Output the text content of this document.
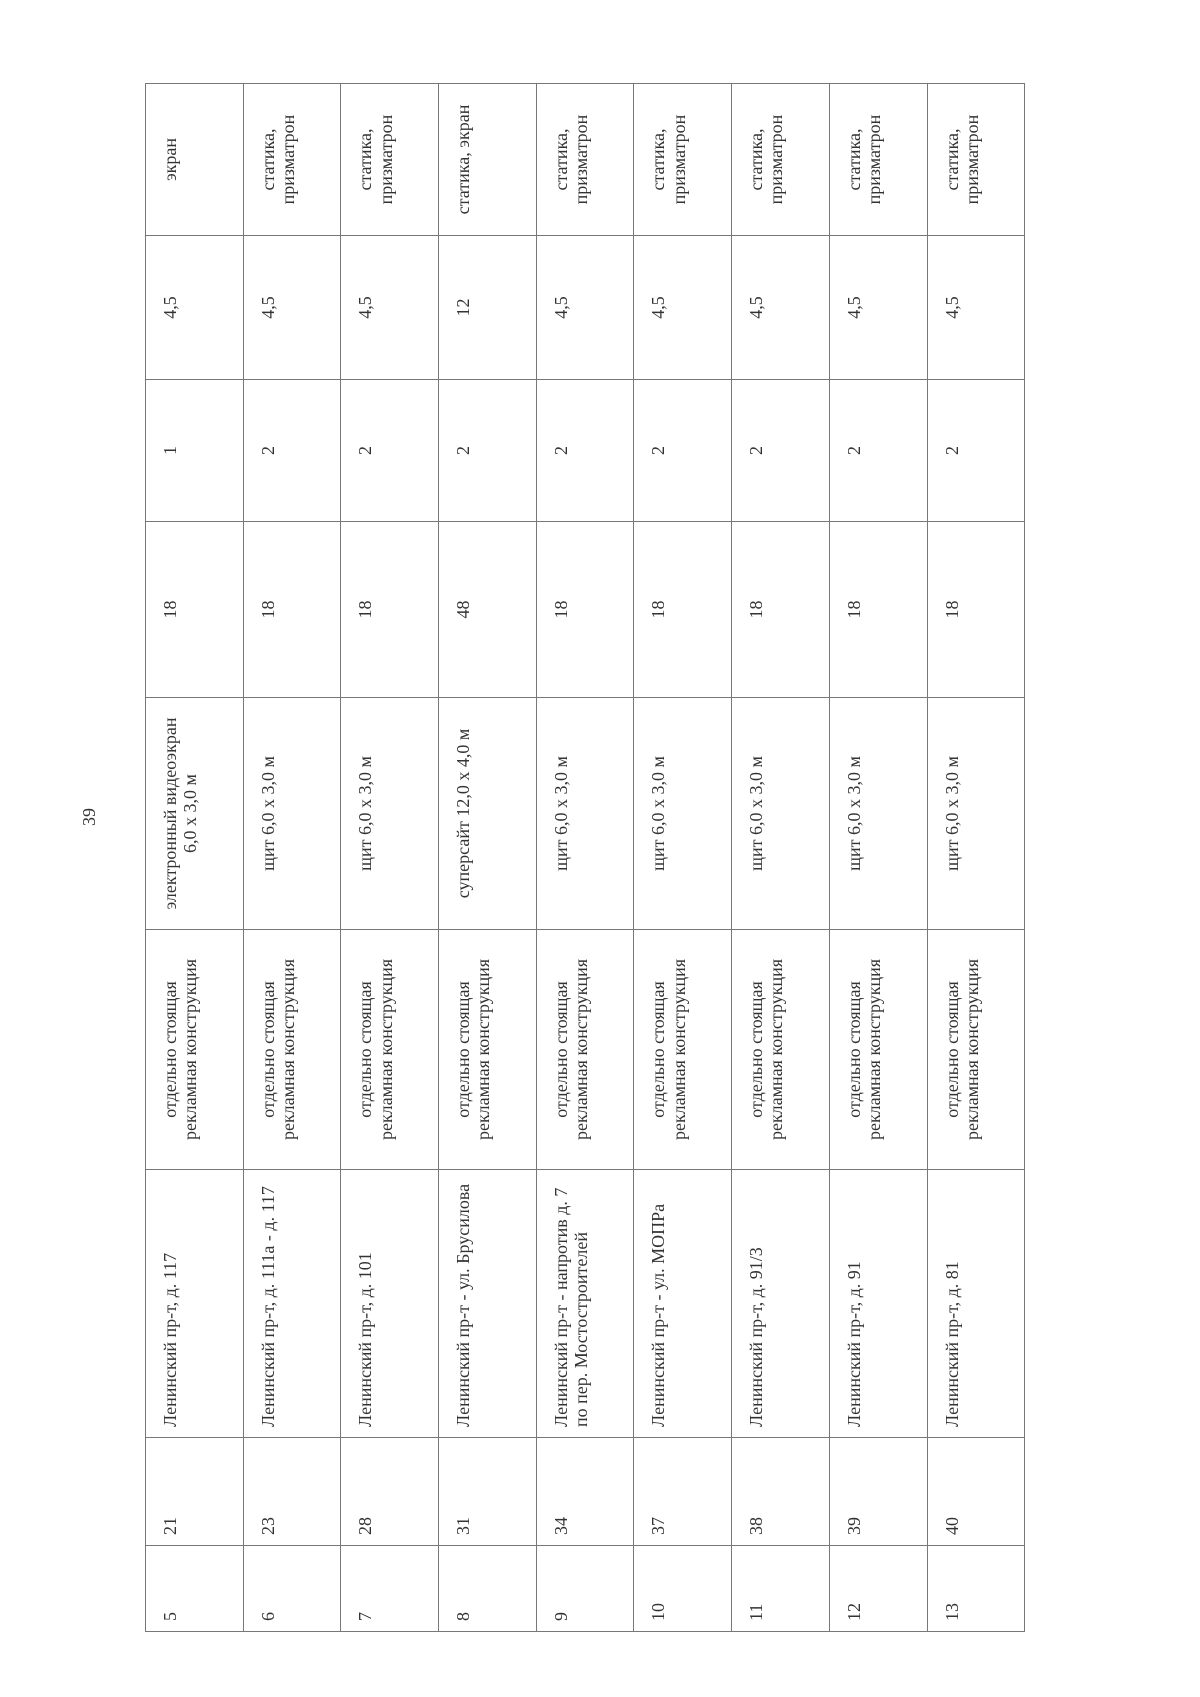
39
5	21	Ленинский пр-т, д. 117	отдельно стоящая рекламная конструкция	электронный видеоэкран 6,0 х 3,0 м	18	1	4,5	экран
6	23	Ленинский пр-т, д. 111а - д. 117	отдельно стоящая рекламная конструкция	щит 6,0 х 3,0 м	18	2	4,5	статика, призматрон
7	28	Ленинский пр-т, д. 101	отдельно стоящая рекламная конструкция	щит 6,0 х 3,0 м	18	2	4,5	статика, призматрон
8	31	Ленинский пр-т - ул. Брусилова	отдельно стоящая рекламная конструкция	суперсайт 12,0 х 4,0 м	48	2	12	статика, экран
9	34	Ленинский пр-т - напротив д. 7 по пер. Мостостроителей	отдельно стоящая рекламная конструкция	щит 6,0 х 3,0 м	18	2	4,5	статика, призматрон
10	37	Ленинский пр-т - ул. МОПРа	отдельно стоящая рекламная конструкция	щит 6,0 х 3,0 м	18	2	4,5	статика, призматрон
11	38	Ленинский пр-т, д. 91/3	отдельно стоящая рекламная конструкция	щит 6,0 х 3,0 м	18	2	4,5	статика, призматрон
12	39	Ленинский пр-т, д. 91	отдельно стоящая рекламная конструкция	щит 6,0 х 3,0 м	18	2	4,5	статика, призматрон
13	40	Ленинский пр-т, д. 81	отдельно стоящая рекламная конструкция	щит 6,0 х 3,0 м	18	2	4,5	статика, призматрон
